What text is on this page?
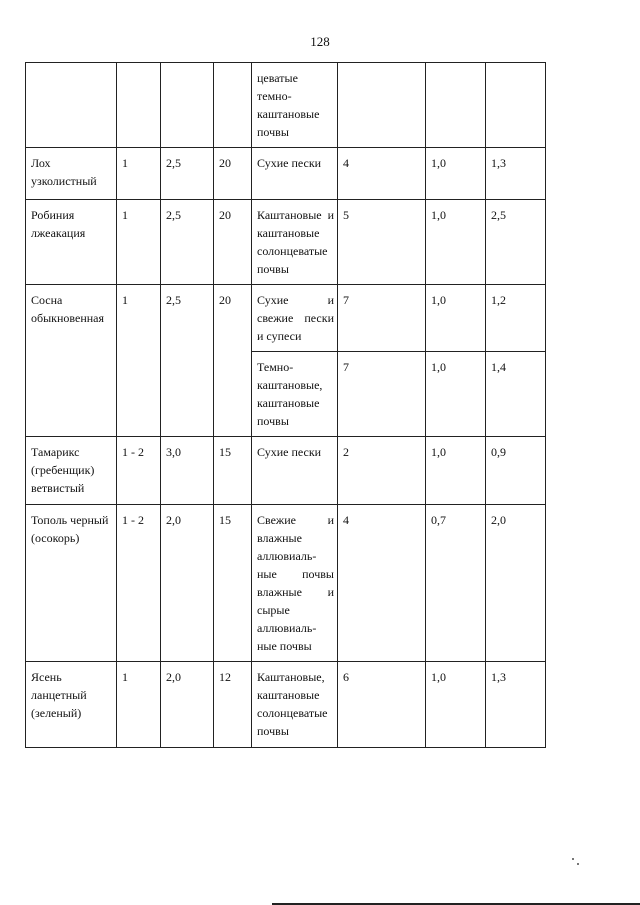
128
				цеватые темно-каштановые почвы			
Лох узколистный	1	2,5	20	Сухие пески	4	1,0	1,3
Робиния лжеакация	1	2,5	20	Каштановые и каштановые солонцеватые почвы	5	1,0	2,5
Сосна обыкновенная	1	2,5	20	Сухие и свежие пески и супеси	7	1,0	1,2
				Темно-каштановые, каштановые почвы	7	1,0	1,4
Тамарикс (гребенщик) ветвистый	1 - 2	3,0	15	Сухие пески	2	1,0	0,9
Тополь черный (осокорь)	1 - 2	2,0	15	Свежие и влажные аллювиаль-ные почвы влажные и сырые аллювиаль-ные почвы	4	0,7	2,0
Ясень ланцетный (зеленый)	1	2,0	12	Каштановые, каштановые солонцеватые почвы	6	1,0	1,3
